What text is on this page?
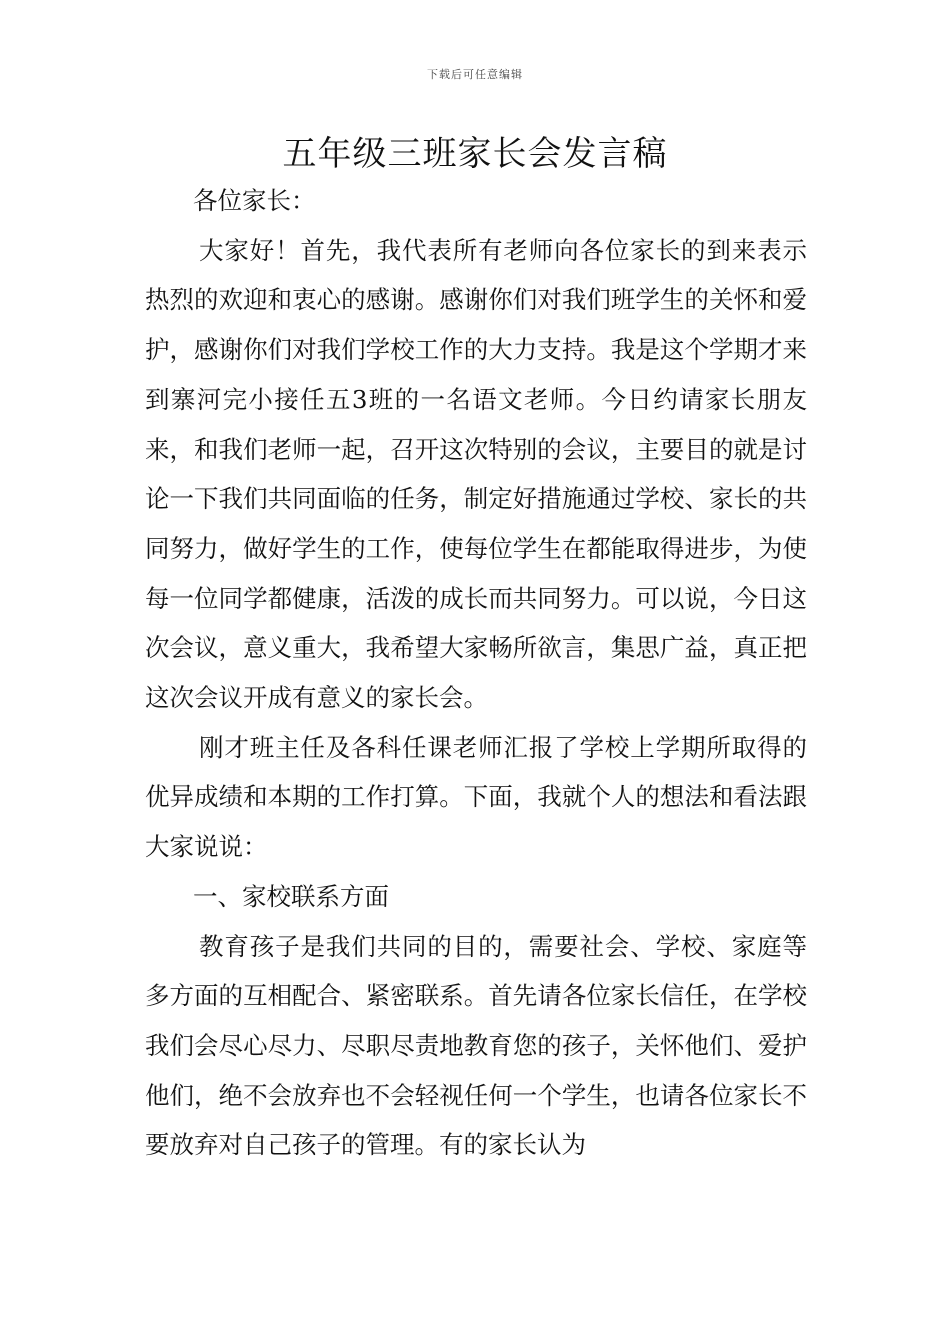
下载后可任意编辑
五年级三班家长会发言稿

各位家长：

大家好！首先，我代表所有老师向各位家长的到来表示热烈的欢迎和衷心的感谢。感谢你们对我们班学生的关怀和爱护，感谢你们对我们学校工作的大力支持。我是这个学期才来到寨河完小接任五3班的一名语文老师。今日约请家长朋友来，和我们老师一起，召开这次特别的会议，主要目的就是讨论一下我们共同面临的任务，制定好措施通过学校、家长的共同努力，做好学生的工作，使每位学生在都能取得进步，为使每一位同学都健康，活泼的成长而共同努力。可以说，今日这次会议，意义重大，我希望大家畅所欲言，集思广益，真正把这次会议开成有意义的家长会。

刚才班主任及各科任课老师汇报了学校上学期所取得的优异成绩和本期的工作打算。下面，我就个人的想法和看法跟大家说说：

一、家校联系方面

教育孩子是我们共同的目的，需要社会、学校、家庭等多方面的互相配合、紧密联系。首先请各位家长信任，在学校我们会尽心尽力、尽职尽责地教育您的孩子，关怀他们、爱护他们，绝不会放弃也不会轻视任何一个学生，也请各位家长不要放弃对自己孩子的管理。有的家长认为
